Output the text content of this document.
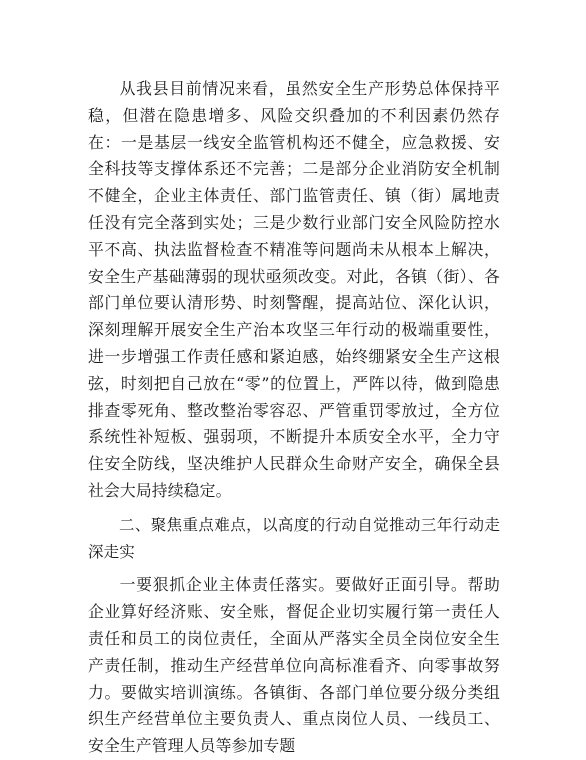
从我县目前情况来看，虽然安全生产形势总体保持平稳，但潜在隐患增多、风险交织叠加的不利因素仍然存在：一是基层一线安全监管机构还不健全，应急救援、安全科技等支撑体系还不完善；二是部分企业消防安全机制不健全，企业主体责任、部门监管责任、镇（街）属地责任没有完全落到实处；三是少数行业部门安全风险防控水平不高、执法监督检查不精准等问题尚未从根本上解决，安全生产基础薄弱的现状亟须改变。对此，各镇（街）、各部门单位要认清形势、时刻警醒，提高站位、深化认识，深刻理解开展安全生产治本攻坚三年行动的极端重要性，进一步增强工作责任感和紧迫感，始终绷紧安全生产这根弦，时刻把自己放在“零”的位置上，严阵以待，做到隐患排查零死角、整改整治零容忍、严管重罚零放过，全方位系统性补短板、强弱项，不断提升本质安全水平，全力守住安全防线，坚决维护人民群众生命财产安全，确保全县社会大局持续稳定。

二、聚焦重点难点，以高度的行动自觉推动三年行动走深走实

一要狠抓企业主体责任落实。要做好正面引导。帮助企业算好经济账、安全账，督促企业切实履行第一责任人责任和员工的岗位责任，全面从严落实全员全岗位安全生产责任制，推动生产经营单位向高标准看齐、向零事故努力。要做实培训演练。各镇街、各部门单位要分级分类组织生产经营单位主要负责人、重点岗位人员、一线员工、安全生产管理人员等参加专题
